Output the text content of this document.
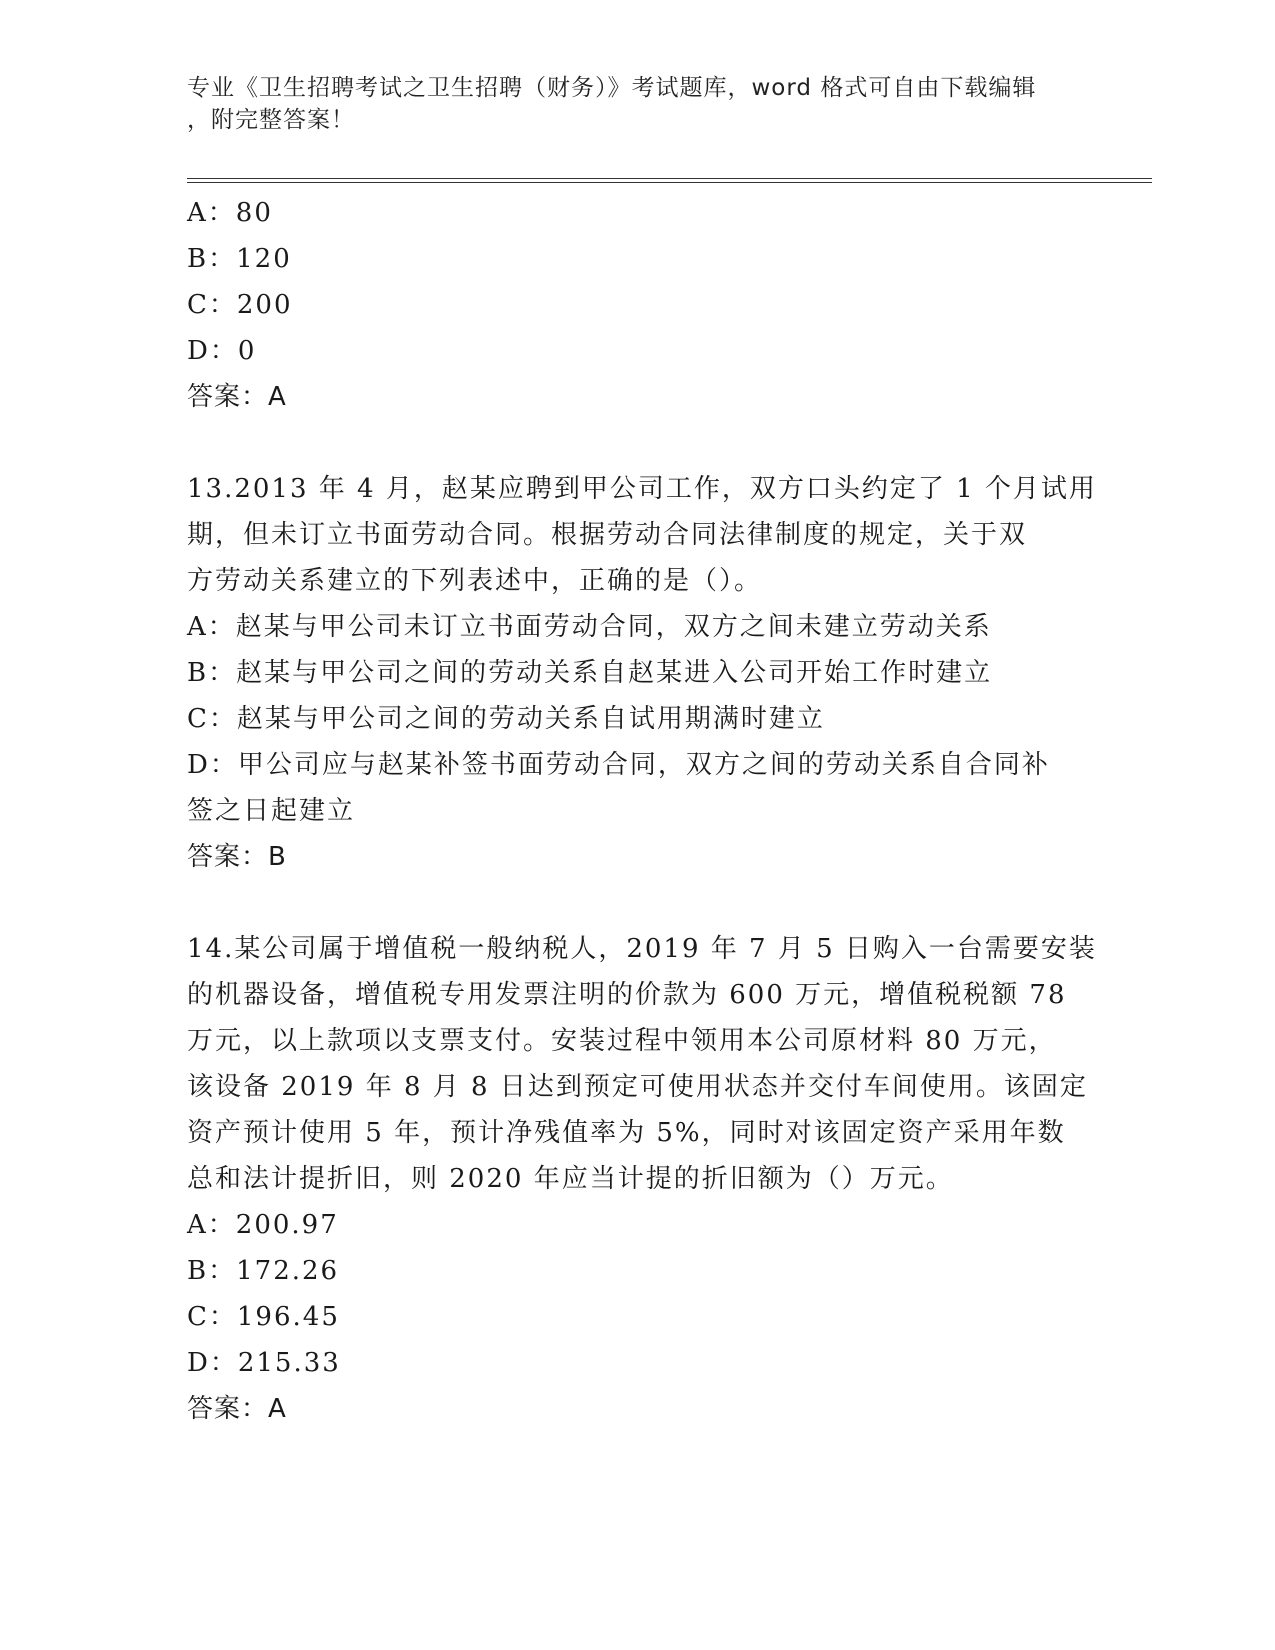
专业《卫生招聘考试之卫生招聘（财务）》考试题库，word 格式可自由下载编辑
，附完整答案！
A：80
B：120
C：200
D：0
答案：A
13.2013 年 4 月，赵某应聘到甲公司工作，双方口头约定了 1 个月试用
期，但未订立书面劳动合同。根据劳动合同法律制度的规定，关于双
方劳动关系建立的下列表述中，正确的是（）。
A：赵某与甲公司未订立书面劳动合同，双方之间未建立劳动关系
B：赵某与甲公司之间的劳动关系自赵某进入公司开始工作时建立
C：赵某与甲公司之间的劳动关系自试用期满时建立
D：甲公司应与赵某补签书面劳动合同，双方之间的劳动关系自合同补
签之日起建立
答案：B
14.某公司属于增值税一般纳税人，2019 年 7 月 5 日购入一台需要安装
的机器设备，增值税专用发票注明的价款为 600 万元，增值税税额 78
万元，以上款项以支票支付。安装过程中领用本公司原材料 80 万元，
该设备 2019 年 8 月 8 日达到预定可使用状态并交付车间使用。该固定
资产预计使用 5 年，预计净残值率为 5%，同时对该固定资产采用年数
总和法计提折旧，则 2020 年应当计提的折旧额为（）万元。
A：200.97
B：172.26
C：196.45
D：215.33
答案：A
